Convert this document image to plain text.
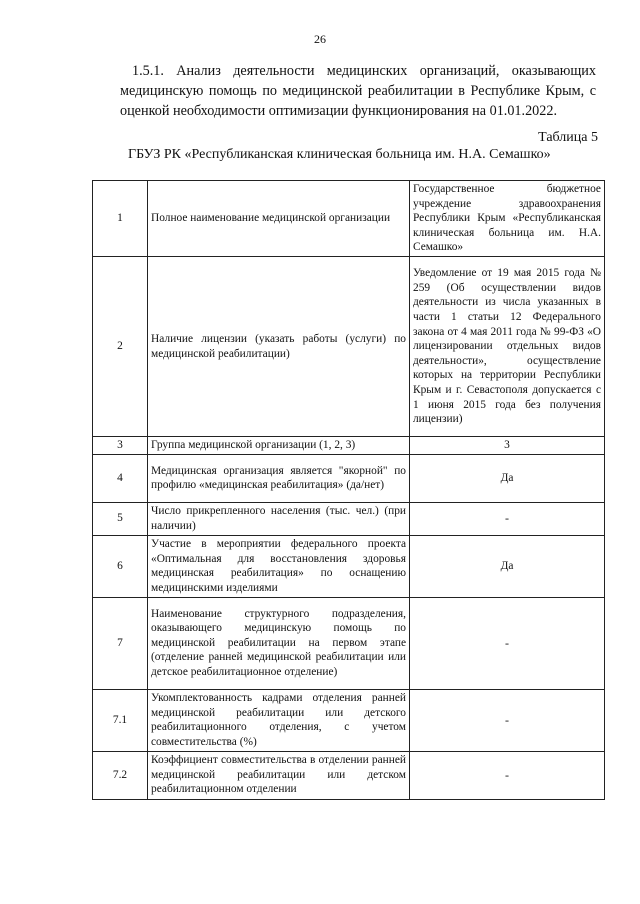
26
1.5.1. Анализ деятельности медицинских организаций, оказывающих медицинскую помощь по медицинской реабилитации в Республике Крым, с оценкой необходимости оптимизации функционирования на 01.01.2022.
Таблица 5
ГБУЗ РК «Республиканская клиническая больница им. Н.А. Семашко»
1	Полное наименование медицинской организации	Государственное бюджетное учреждение здравоохранения Республики Крым «Республиканская клиническая больница им. Н.А. Семашко»
2	Наличие лицензии (указать работы (услуги) по медицинской реабилитации)	Уведомление от 19 мая 2015 года № 259 (Об осуществлении видов деятельности из числа указанных в части 1 статьи 12 Федерального закона от 4 мая 2011 года № 99-ФЗ «О лицензировании отдельных видов деятельности», осуществление которых на территории Республики Крым и г. Севастополя допускается с 1 июня 2015 года без получения лицензии)
3	Группа медицинской организации (1, 2, 3)	3
4	Медицинская организация является "якорной" по профилю «медицинская реабилитация» (да/нет)	Да
5	Число прикрепленного населения (тыс. чел.) (при наличии)	-
6	Участие в мероприятии федерального проекта «Оптимальная для восстановления здоровья медицинская реабилитация» по оснащению медицинскими изделиями	Да
7	Наименование структурного подразделения, оказывающего медицинскую помощь по медицинской реабилитации на первом этапе (отделение ранней медицинской реабилитации или детское реабилитационное отделение)	-
7.1	Укомплектованность кадрами отделения ранней медицинской реабилитации или детского реабилитационного отделения, с учетом совместительства (%)	-
7.2	Коэффициент совместительства в отделении ранней медицинской реабилитации или детском реабилитационном отделении	-
